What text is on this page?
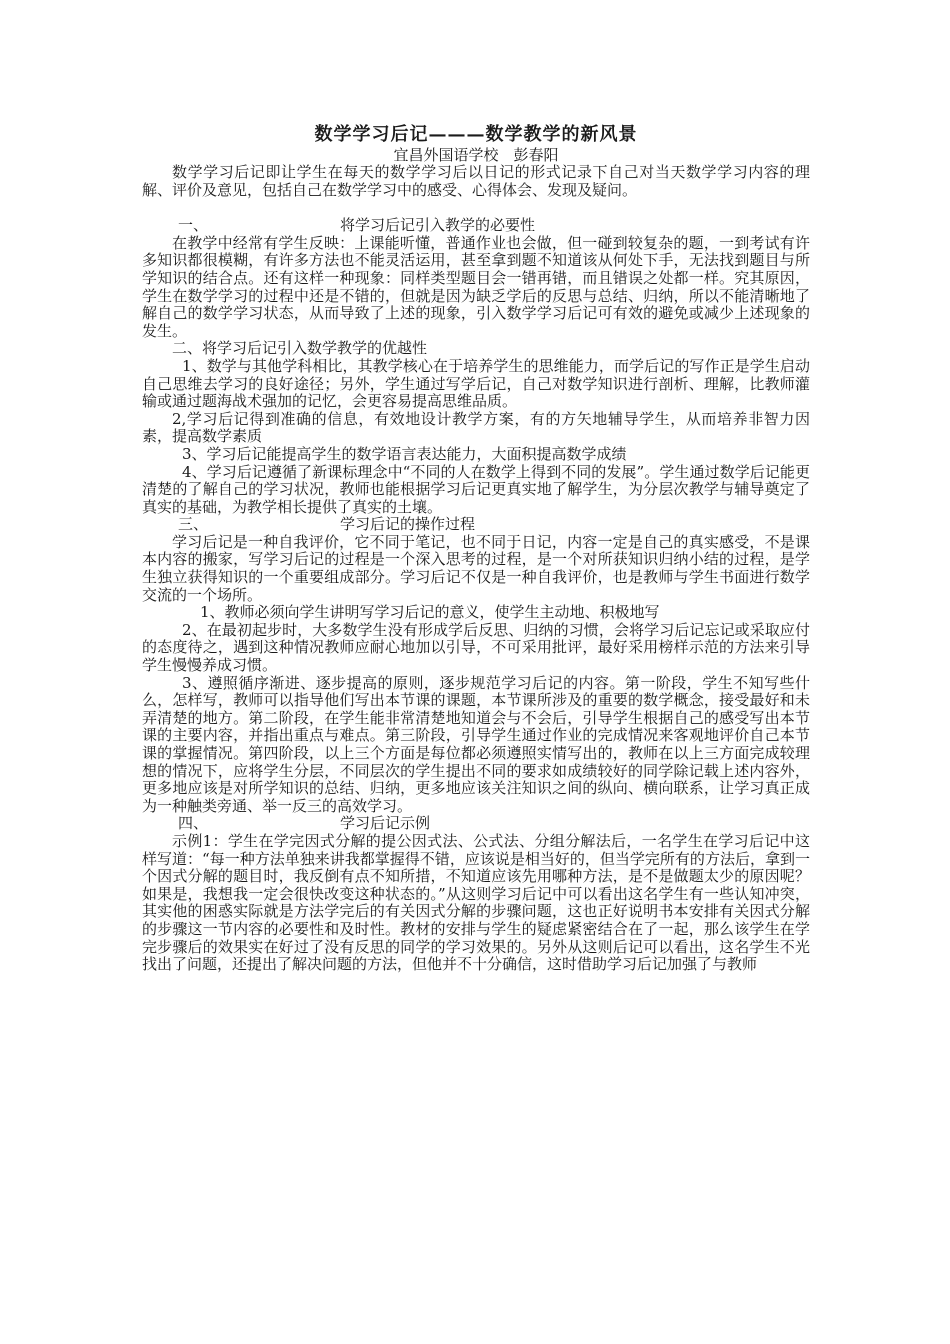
数学学习后记———数学教学的新风景

宜昌外国语学校　彭春阳

数学学习后记即让学生在每天的数学学习后以日记的形式记录下自己对当天数学学习内容的理解、评价及意见，包括自己在数学学习中的感受、心得体会、发现及疑问。

一、	将学习后记引入教学的必要性

在教学中经常有学生反映：上课能听懂，普通作业也会做，但一碰到较复杂的题，一到考试有许多知识都很模糊，有许多方法也不能灵活运用，甚至拿到题不知道该从何处下手，无法找到题目与所学知识的结合点。还有这样一种现象：同样类型题目会一错再错，而且错误之处都一样。究其原因，学生在数学学习的过程中还是不错的，但就是因为缺乏学后的反思与总结、归纳，所以不能清晰地了解自己的数学学习状态，从而导致了上述的现象，引入数学学习后记可有效的避免或减少上述现象的发生。

二、将学习后记引入数学教学的优越性

1、数学与其他学科相比，其教学核心在于培养学生的思维能力，而学后记的写作正是学生启动自己思维去学习的良好途径；另外，学生通过写学后记，自己对数学知识进行剖析、理解，比教师灌输或通过题海战术强加的记忆，会更容易提高思维品质。

2,学习后记得到准确的信息，有效地设计教学方案，有的方矢地辅导学生，从而培养非智力因素，提高数学素质

3、学习后记能提高学生的数学语言表达能力，大面积提高数学成绩

4、学习后记遵循了新课标理念中“不同的人在数学上得到不同的发展”。学生通过数学后记能更清楚的了解自己的学习状况，教师也能根据学习后记更真实地了解学生，为分层次教学与辅导奠定了真实的基础，为教学相长提供了真实的土壤。

三、	学习后记的操作过程

学习后记是一种自我评价，它不同于笔记，也不同于日记，内容一定是自己的真实感受，不是课本内容的搬家，写学习后记的过程是一个深入思考的过程，是一个对所获知识归纳小结的过程，是学生独立获得知识的一个重要组成部分。学习后记不仅是一种自我评价，也是教师与学生书面进行数学交流的一个场所。

1、教师必须向学生讲明写学习后记的意义，使学生主动地、积极地写

2、在最初起步时，大多数学生没有形成学后反思、归纳的习惯，会将学习后记忘记或采取应付的态度待之，遇到这种情况教师应耐心地加以引导，不可采用批评，最好采用榜样示范的方法来引导学生慢慢养成习惯。

3、遵照循序渐进、逐步提高的原则，逐步规范学习后记的内容。第一阶段，学生不知写些什么，怎样写，教师可以指导他们写出本节课的课题，本节课所涉及的重要的数学概念，接受最好和未弄清楚的地方。第二阶段，在学生能非常清楚地知道会与不会后，引导学生根据自己的感受写出本节课的主要内容，并指出重点与难点。第三阶段，引导学生通过作业的完成情况来客观地评价自己本节课的掌握情况。第四阶段，以上三个方面是每位都必须遵照实情写出的，教师在以上三方面完成较理想的情况下，应将学生分层，不同层次的学生提出不同的要求如成绩较好的同学除记载上述内容外，更多地应该是对所学知识的总结、归纳，更多地应该关注知识之间的纵向、横向联系，让学习真正成为一种触类旁通、举一反三的高效学习。

四、	学习后记示例

示例1：学生在学完因式分解的提公因式法、公式法、分组分解法后，一名学生在学习后记中这样写道：“每一种方法单独来讲我都掌握得不错，应该说是相当好的，但当学完所有的方法后，拿到一个因式分解的题目时，我反倒有点不知所措，不知道应该先用哪种方法，是不是做题太少的原因呢？如果是，我想我一定会很快改变这种状态的。”从这则学习后记中可以看出这名学生有一些认知冲突，其实他的困惑实际就是方法学完后的有关因式分解的步骤问题，这也正好说明书本安排有关因式分解的步骤这一节内容的必要性和及时性。教材的安排与学生的疑虑紧密结合在了一起，那么该学生在学完步骤后的效果实在好过了没有反思的同学的学习效果的。另外从这则后记可以看出，这名学生不光找出了问题，还提出了解决问题的方法，但他并不十分确信，这时借助学习后记加强了与教师
